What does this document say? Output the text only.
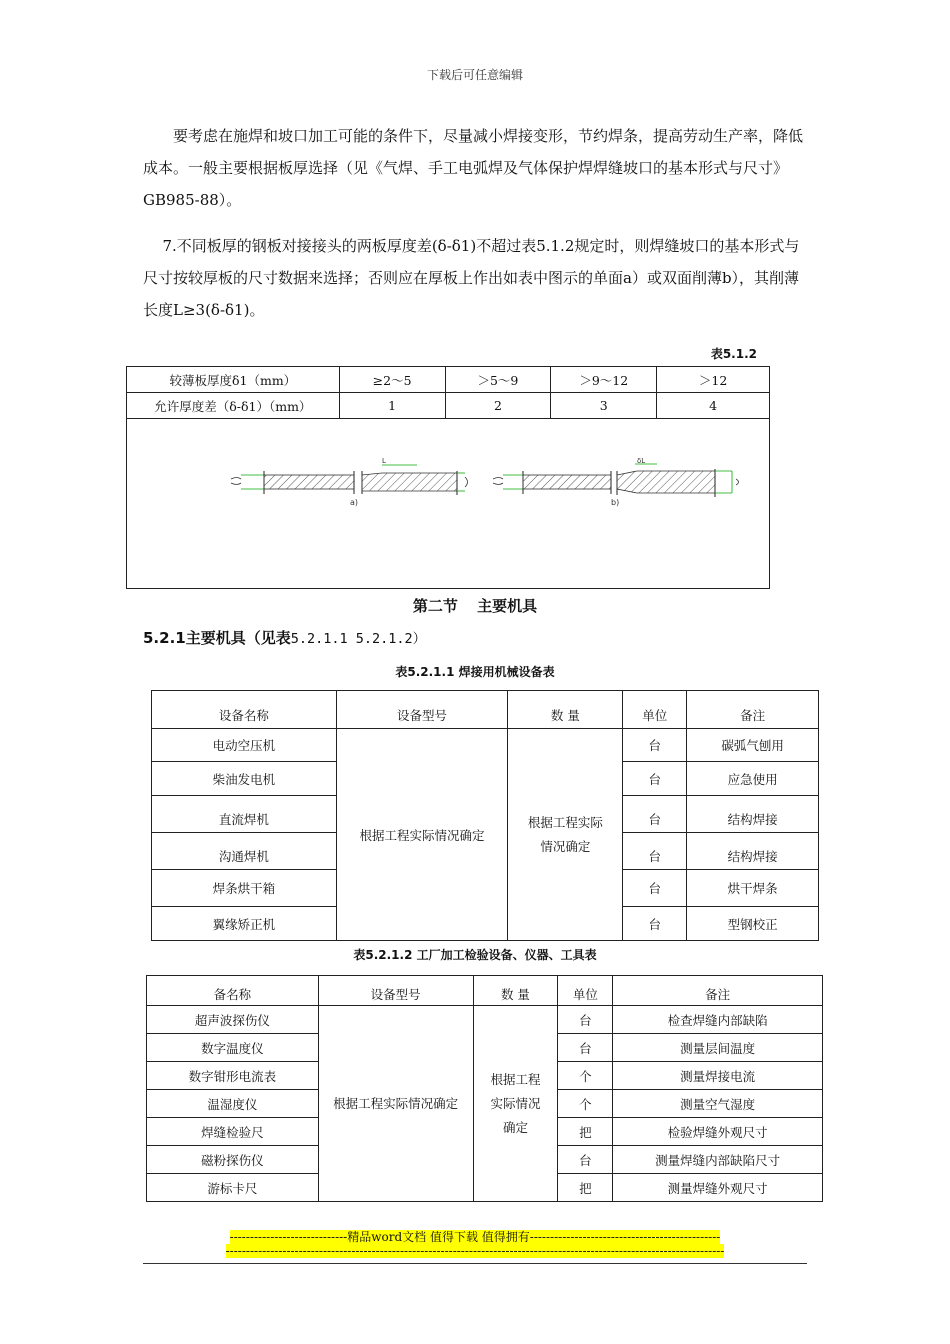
下载后可任意编辑

要考虑在施焊和坡口加工可能的条件下，尽量减小焊接变形，节约焊条，提高劳动生产率，降低成本。一般主要根据板厚选择（见《气焊、手工电弧焊及气体保护焊焊缝坡口的基本形式与尺寸》GB985-88）。

7.不同板厚的钢板对接接头的两板厚度差(δ-δ1)不超过表5.1.2规定时，则焊缝坡口的基本形式与尺寸按较厚板的尺寸数据来选择；否则应在厚板上作出如表中图示的单面a）或双面削薄b），其削薄长度L≥3(δ-δ1)。

表5.1.2
较薄板厚度δ1（mm）	≥2～5	＞5～9	＞9～12	＞12
允许厚度差（δ-δ1）（mm）	1	2	3	4

L
a)
δL
b)				
第二节 主要机具
5.2.1主要机具（见表5.2.1.1 5.2.1.2）
表5.2.1.1 焊接用机械设备表
设备名称	设备型号	数 量	单位	备注
电动空压机	根据工程实际情况确定	根据工程实际情况确定	台	碳弧气刨用
柴油发电机			台	应急使用
直流焊机			台	结构焊接
沟通焊机			台	结构焊接
焊条烘干箱			台	烘干焊条
翼缘矫正机			台	型钢校正
表5.2.1.2 工厂加工检验设备、仪器、工具表
备名称	设备型号	数 量	单位	备注
超声波探伤仪	根据工程实际情况确定	根据工程实际情况确定	台	检查焊缝内部缺陷
数字温度仪			台	测量层间温度
数字钳形电流表			个	测量焊接电流
温湿度仪			个	测量空气湿度
焊缝检验尺			把	检验焊缝外观尺寸
磁粉探伤仪			台	测量焊缝内部缺陷尺寸
游标卡尺			把	测量焊缝外观尺寸
-----------------------------精品word文档 值得下载 值得拥有-----------------------------------------------
---------------------------------------------------------------------------------------------------------------------------
